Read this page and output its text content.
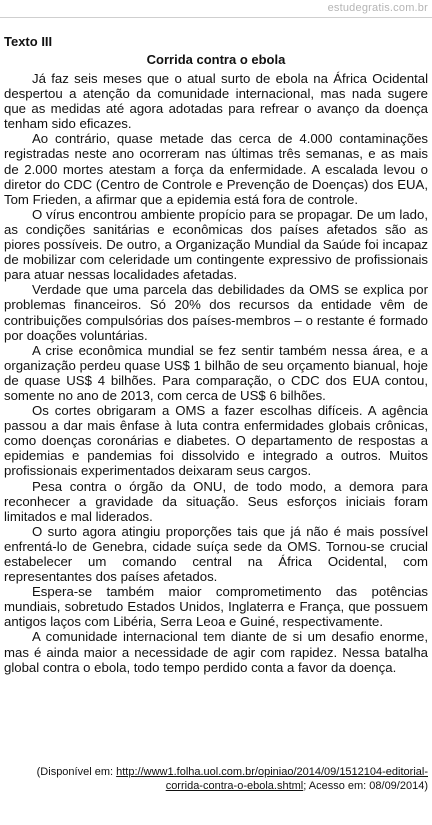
estudegratis.com.br
Texto III
Corrida contra o ebola

Já faz seis meses que o atual surto de ebola na África Ocidental despertou a atenção da comunidade internacional, mas nada sugere que as medidas até agora adotadas para refrear o avanço da doença tenham sido eficazes.

Ao contrário, quase metade das cerca de 4.000 contaminações registradas neste ano ocorreram nas últimas três semanas, e as mais de 2.000 mortes atestam a força da enfermidade. A escalada levou o diretor do CDC (Centro de Controle e Prevenção de Doenças) dos EUA, Tom Frieden, a afirmar que a epidemia está fora de controle.

O vírus encontrou ambiente propício para se propagar. De um lado, as condições sanitárias e econômicas dos países afetados são as piores possíveis. De outro, a Organização Mundial da Saúde foi incapaz de mobilizar com celeridade um contingente expressivo de profissionais para atuar nessas localidades afetadas.

Verdade que uma parcela das debilidades da OMS se explica por problemas financeiros. Só 20% dos recursos da entidade vêm de contribuições compulsórias dos países-membros – o restante é formado por doações voluntárias.

A crise econômica mundial se fez sentir também nessa área, e a organização perdeu quase US$ 1 bilhão de seu orçamento bianual, hoje de quase US$ 4 bilhões. Para comparação, o CDC dos EUA contou, somente no ano de 2013, com cerca de US$ 6 bilhões.

Os cortes obrigaram a OMS a fazer escolhas difíceis. A agência passou a dar mais ênfase à luta contra enfermidades globais crônicas, como doenças coronárias e diabetes. O departamento de respostas a epidemias e pandemias foi dissolvido e integrado a outros. Muitos profissionais experimentados deixaram seus cargos.

Pesa contra o órgão da ONU, de todo modo, a demora para reconhecer a gravidade da situação. Seus esforços iniciais foram limitados e mal liderados.

O surto agora atingiu proporções tais que já não é mais possível enfrentá-lo de Genebra, cidade suíça sede da OMS. Tornou-se crucial estabelecer um comando central na África Ocidental, com representantes dos países afetados.

Espera-se também maior comprometimento das potências mundiais, sobretudo Estados Unidos, Inglaterra e França, que possuem antigos laços com Libéria, Serra Leoa e Guiné, respectivamente.

A comunidade internacional tem diante de si um desafio enorme, mas é ainda maior a necessidade de agir com rapidez. Nessa batalha global contra o ebola, todo tempo perdido conta a favor da doença.

(Disponível em: http://www1.folha.uol.com.br/opiniao/2014/09/1512104-editorial-corrida-contra-o-ebola.shtml; Acesso em: 08/09/2014)
